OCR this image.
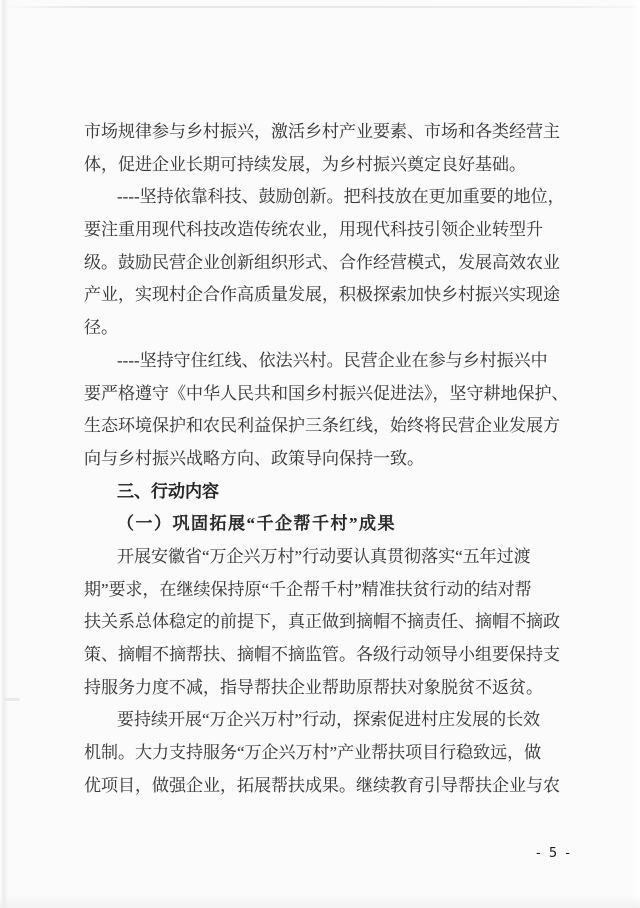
市场规律参与乡村振兴，激活乡村产业要素、市场和各类经营主
体，促进企业长期可持续发展，为乡村振兴奠定良好基础。
----坚持依靠科技、鼓励创新。把科技放在更加重要的地位，
要注重用现代科技改造传统农业，用现代科技引领企业转型升
级。鼓励民营企业创新组织形式、合作经营模式，发展高效农业
产业，实现村企合作高质量发展，积极探索加快乡村振兴实现途
径。
----坚持守住红线、依法兴村。民营企业在参与乡村振兴中
要严格遵守《中华人民共和国乡村振兴促进法》，坚守耕地保护、
生态环境保护和农民利益保护三条红线，始终将民营企业发展方
向与乡村振兴战略方向、政策导向保持一致。
三、行动内容
（一）巩固拓展“千企帮千村”成果
开展安徽省“万企兴万村”行动要认真贯彻落实“五年过渡
期”要求，在继续保持原“千企帮千村”精准扶贫行动的结对帮
扶关系总体稳定的前提下，真正做到摘帽不摘责任、摘帽不摘政
策、摘帽不摘帮扶、摘帽不摘监管。各级行动领导小组要保持支
持服务力度不减，指导帮扶企业帮助原帮扶对象脱贫不返贫。
要持续开展“万企兴万村”行动，探索促进村庄发展的长效
机制。大力支持服务“万企兴万村”产业帮扶项目行稳致远，做
优项目，做强企业，拓展帮扶成果。继续教育引导帮扶企业与农
- 5 -
